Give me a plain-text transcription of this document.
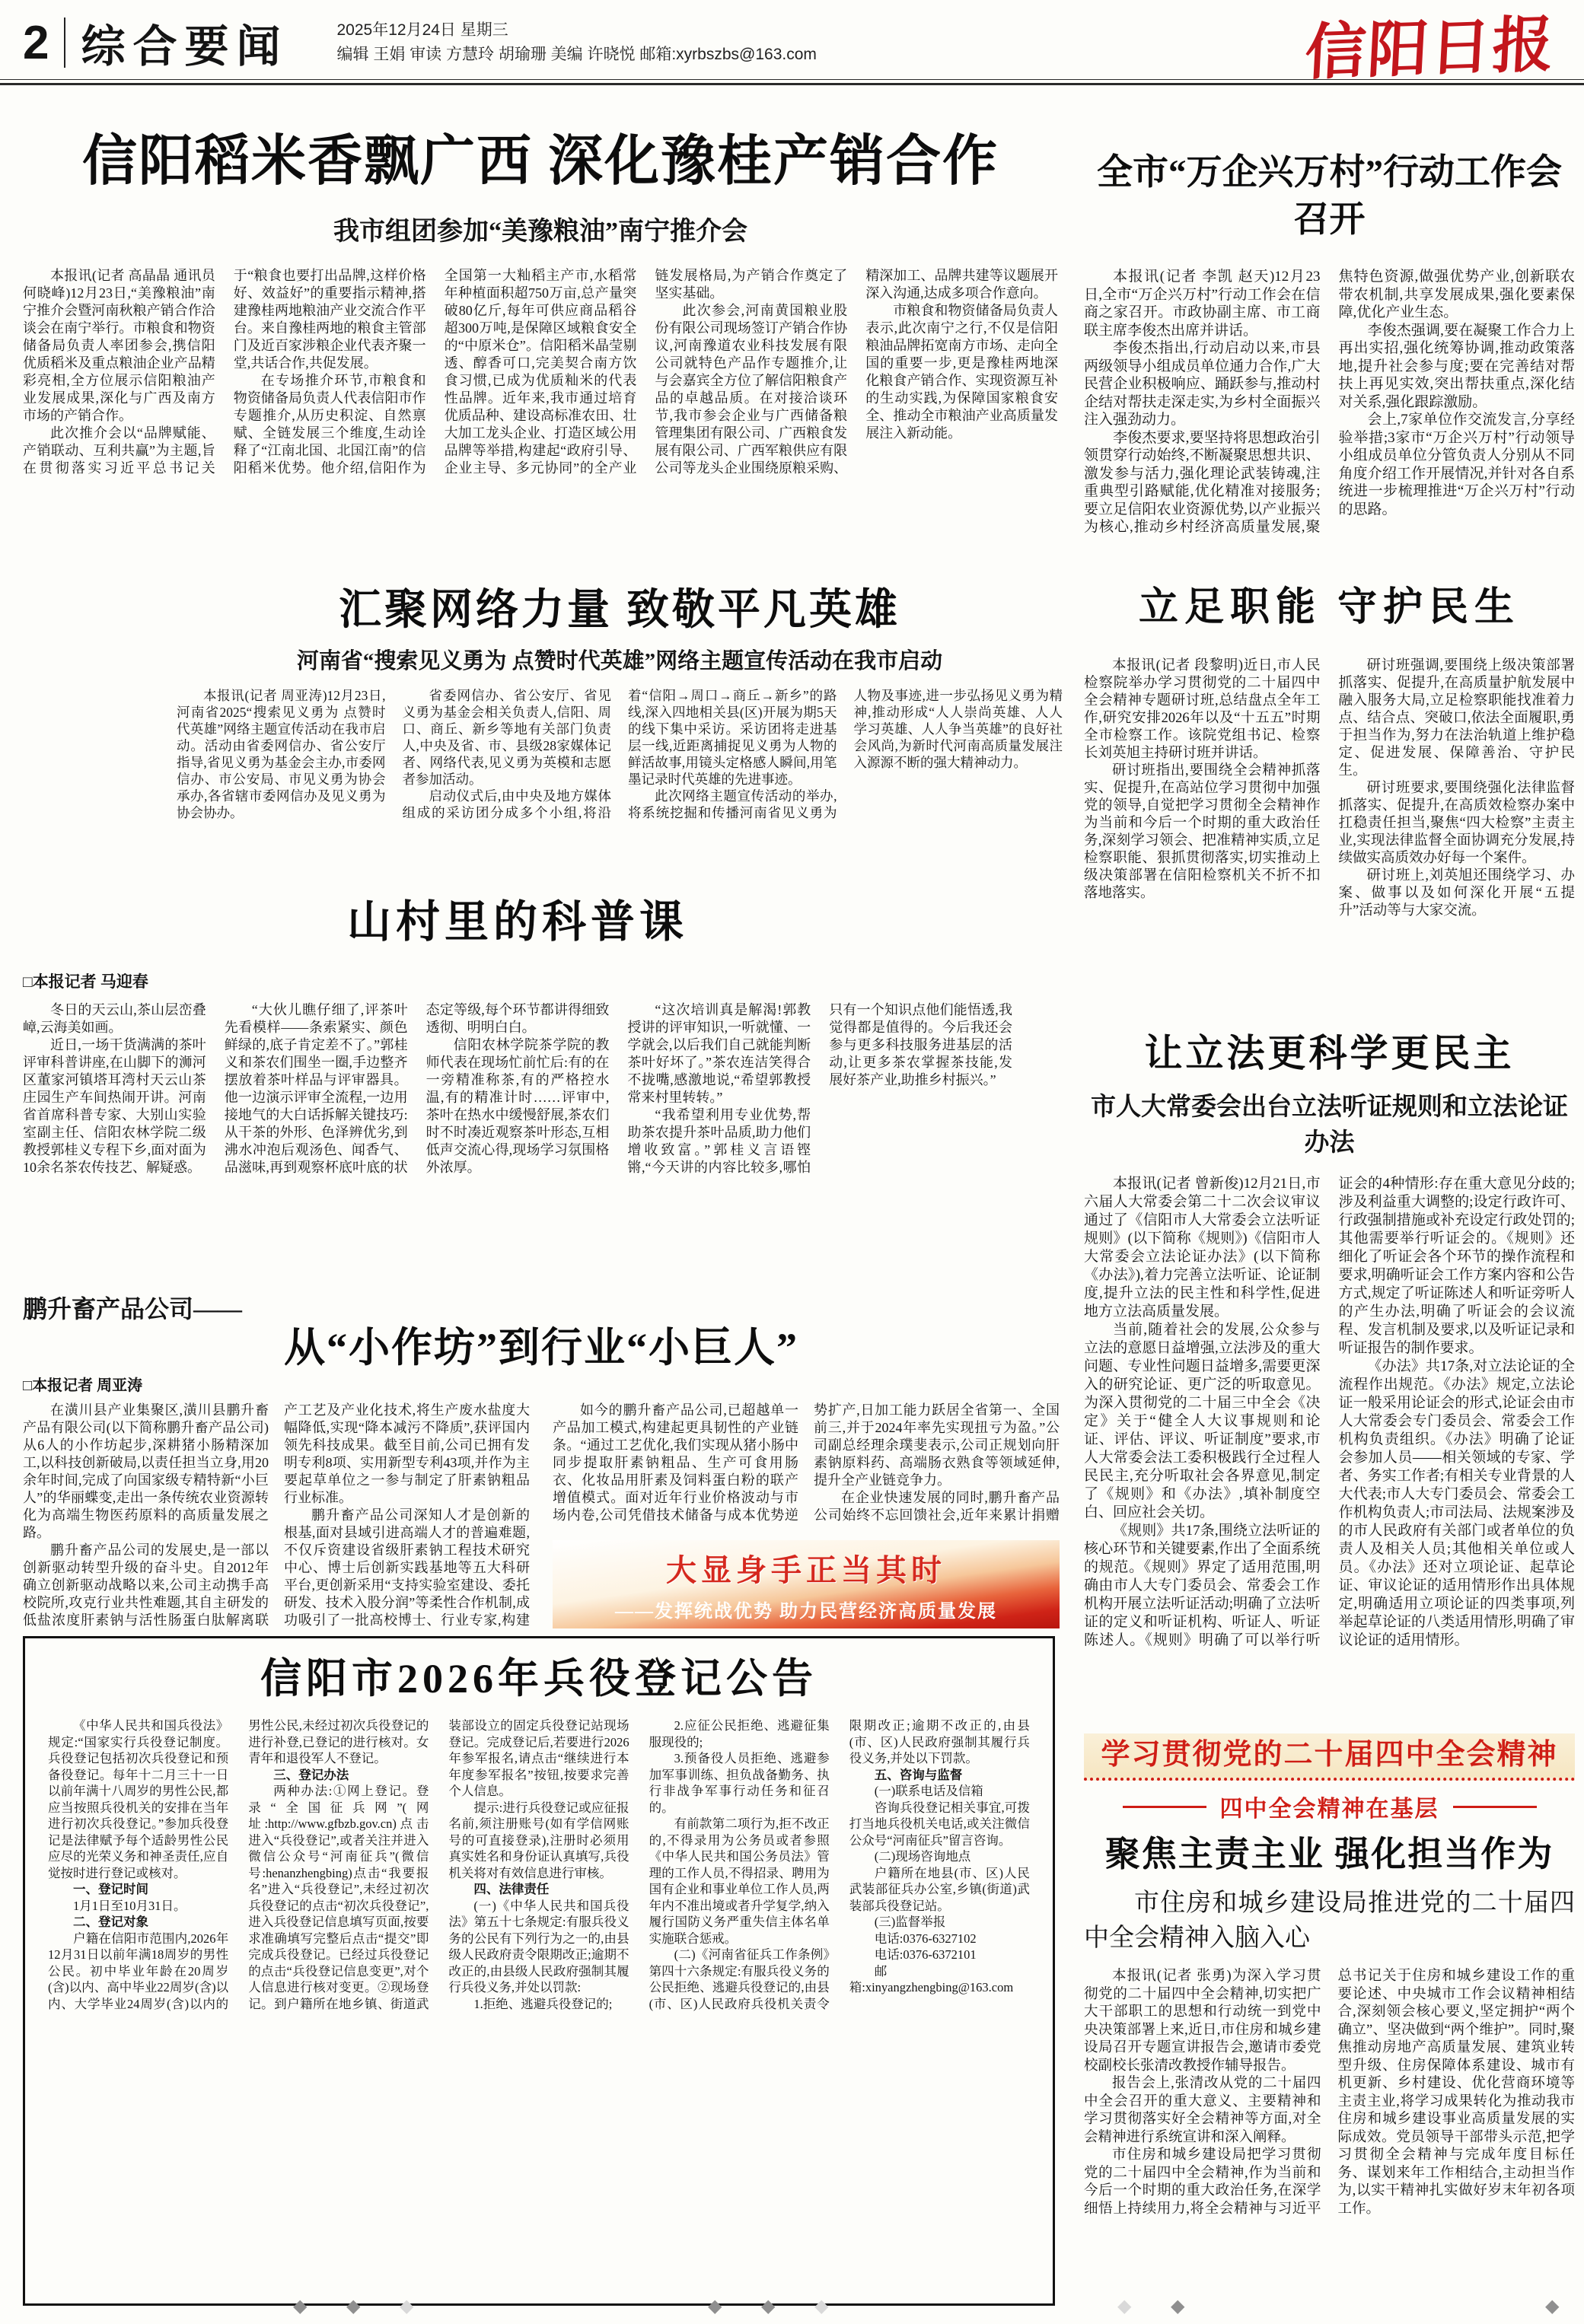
2 综合要闻	2025年12月24日 星期三
编辑 王娟 审读 方慧玲 胡瑜珊 美编 许晓悦 邮箱:xyrbszbs@163.com	信阳日报
信阳稻米香飘广西 深化豫桂产销合作
我市组团参加“美豫粮油”南宁推介会

本报讯(记者 高晶晶 通讯员 何晓峰)12月23日,“美豫粮油”南宁推介会暨河南秋粮产销合作洽谈会在南宁举行。市粮食和物资储备局负责人率团参会,携信阳优质稻米及重点粮油企业产品精彩亮相,全方位展示信阳粮油产业发展成果,深化与广西及南方市场的产销合作。

此次推介会以“品牌赋能、产销联动、互利共赢”为主题,旨在贯彻落实习近平总书记关于“粮食也要打出品牌,这样价格好、效益好”的重要指示精神,搭建豫桂两地粮油产业交流合作平台。来自豫桂两地的粮食主管部门及近百家涉粮企业代表齐聚一堂,共话合作,共促发展。

在专场推介环节,市粮食和物资储备局负责人代表信阳市作专题推介,从历史积淀、自然禀赋、全链发展三个维度,生动诠释了“江南北国、北国江南”的信阳稻米优势。他介绍,信阳作为全国第一大籼稻主产市,水稻常年种植面积超750万亩,总产量突破80亿斤,每年可供应商品稻谷超300万吨,是保障区域粮食安全的“中原米仓”。信阳稻米晶莹剔透、醇香可口,完美契合南方饮食习惯,已成为优质籼米的代表性品牌。近年来,我市通过培育优质品种、建设高标准农田、壮大加工龙头企业、打造区域公用品牌等举措,构建起“政府引导、企业主导、多元协同”的全产业链发展格局,为产销合作奠定了坚实基础。

此次参会,河南黄国粮业股份有限公司现场签订产销合作协议,河南豫道农业科技发展有限公司就特色产品作专题推介,让与会嘉宾全方位了解信阳粮食产品的卓越品质。在对接洽谈环节,我市参会企业与广西储备粮管理集团有限公司、广西粮食发展有限公司、广西军粮供应有限公司等龙头企业围绕原粮采购、精深加工、品牌共建等议题展开深入沟通,达成多项合作意向。

市粮食和物资储备局负责人表示,此次南宁之行,不仅是信阳粮油品牌拓宽南方市场、走向全国的重要一步,更是豫桂两地深化粮食产销合作、实现资源互补的生动实践,为保障国家粮食安全、推动全市粮油产业高质量发展注入新动能。

全市“万企兴万村”行动工作会召开

本报讯(记者 李凯 赵天)12月23日,全市“万企兴万村”行动工作会在信商之家召开。市政协副主席、市工商联主席李俊杰出席并讲话。

李俊杰指出,行动启动以来,市县两级领导小组成员单位通力合作,广大民营企业积极响应、踊跃参与,推动村企结对帮扶走深走实,为乡村全面振兴注入强劲动力。

李俊杰要求,要坚持将思想政治引领贯穿行动始终,不断凝聚思想共识、激发参与活力,强化理论武装铸魂,注重典型引路赋能,优化精准对接服务;要立足信阳农业资源优势,以产业振兴为核心,推动乡村经济高质量发展,聚焦特色资源,做强优势产业,创新联农带农机制,共享发展成果,强化要素保障,优化产业生态。

李俊杰强调,要在凝聚工作合力上再出实招,强化统筹协调,推动政策落地,提升社会参与度;要在完善结对帮扶上再见实效,突出帮扶重点,深化结对关系,强化跟踪激励。

会上,7家单位作交流发言,分享经验举措;3家市“万企兴万村”行动领导小组成员单位分管负责人分别从不同角度介绍工作开展情况,并针对各自系统进一步梳理推进“万企兴万村”行动的思路。

汇聚网络力量 致敬平凡英雄
河南省“搜索见义勇为 点赞时代英雄”网络主题宣传活动在我市启动

本报讯(记者 周亚涛)12月23日,河南省2025“搜索见义勇为 点赞时代英雄”网络主题宣传活动在我市启动。活动由省委网信办、省公安厅指导,省见义勇为基金会主办,市委网信办、市公安局、市见义勇为协会承办,各省辖市委网信办及见义勇为协会协办。

省委网信办、省公安厅、省见义勇为基金会相关负责人,信阳、周口、商丘、新乡等地有关部门负责人,中央及省、市、县级28家媒体记者、网络代表,见义勇为英模和志愿者参加活动。

启动仪式后,由中央及地方媒体组成的采访团分成多个小组,将沿着“信阳→周口→商丘→新乡”的路线,深入四地相关县(区)开展为期5天的线下集中采访。采访团将走进基层一线,近距离捕捉见义勇为人物的鲜活故事,用镜头定格感人瞬间,用笔墨记录时代英雄的先进事迹。

此次网络主题宣传活动的举办,将系统挖掘和传播河南省见义勇为人物及事迹,进一步弘扬见义勇为精神,推动形成“人人崇尚英雄、人人学习英雄、人人争当英雄”的良好社会风尚,为新时代河南高质量发展注入源源不断的强大精神动力。

立足职能 守护民生

本报讯(记者 段黎明)近日,市人民检察院举办学习贯彻党的二十届四中全会精神专题研讨班,总结盘点全年工作,研究安排2026年以及“十五五”时期全市检察工作。该院党组书记、检察长刘英旭主持研讨班并讲话。

研讨班指出,要围绕全会精神抓落实、促提升,在高站位学习贯彻中加强党的领导,自觉把学习贯彻全会精神作为当前和今后一个时期的重大政治任务,深刻学习领会、把准精神实质,立足检察职能、狠抓贯彻落实,切实推动上级决策部署在信阳检察机关不折不扣落地落实。

研讨班强调,要围绕上级决策部署抓落实、促提升,在高质量护航发展中融入服务大局,立足检察职能找准着力点、结合点、突破口,依法全面履职,勇于担当作为,努力在法治轨道上维护稳定、促进发展、保障善治、守护民生。

研讨班要求,要围绕强化法律监督抓落实、促提升,在高质效检察办案中扛稳责任担当,聚焦“四大检察”主责主业,实现法律监督全面协调充分发展,持续做实高质效办好每一个案件。

研讨班上,刘英旭还围绕学习、办案、做事以及如何深化开展“五提升”活动等与大家交流。

山村里的科普课
□本报记者 马迎春

冬日的天云山,茶山层峦叠嶂,云海美如画。

近日,一场干货满满的茶叶评审科普讲座,在山脚下的浉河区董家河镇塔耳湾村天云山茶庄园生产车间热闹开讲。河南省首席科普专家、大别山实验室副主任、信阳农林学院二级教授郭桂义专程下乡,面对面为10余名茶农传技艺、解疑惑。

“大伙儿瞧仔细了,评茶叶先看模样——条索紧实、颜色鲜绿的,底子肯定差不了。”郭桂义和茶农们围坐一圈,手边整齐摆放着茶叶样品与评审器具。他一边演示评审全流程,一边用接地气的大白话拆解关键技巧:从干茶的外形、色泽辨优劣,到沸水冲泡后观汤色、闻香气、品滋味,再到观察杯底叶底的状态定等级,每个环节都讲得细致透彻、明明白白。

信阳农林学院茶学院的教师代表在现场忙前忙后:有的在一旁精准称茶,有的严格控水温,有的精准计时……评审中,茶叶在热水中缓慢舒展,茶农们时不时凑近观察茶叶形态,互相低声交流心得,现场学习氛围格外浓厚。

“这次培训真是解渴!郭教授讲的评审知识,一听就懂、一学就会,以后我们自己就能判断茶叶好坏了。”茶农连洁笑得合不拢嘴,感激地说,“希望郭教授常来村里转转。”

“我希望利用专业优势,帮助茶农提升茶叶品质,助力他们增收致富。”郭桂义言语铿锵,“今天讲的内容比较多,哪怕只有一个知识点他们能悟透,我觉得都是值得的。今后我还会参与更多科技服务进基层的活动,让更多茶农掌握茶技能,发展好茶产业,助推乡村振兴。”

鹏升畜产品公司——
从“小作坊”到行业“小巨人”
□本报记者 周亚涛

在潢川县产业集聚区,潢川县鹏升畜产品有限公司(以下简称鹏升畜产品公司)从6人的小作坊起步,深耕猪小肠精深加工,以科技创新破局,以责任担当立身,用20余年时间,完成了向国家级专精特新“小巨人”的华丽蝶变,走出一条传统农业资源转化为高端生物医药原料的高质量发展之路。

鹏升畜产品公司的发展史,是一部以创新驱动转型升级的奋斗史。自2012年确立创新驱动战略以来,公司主动携手高校院所,攻克行业共性难题,其自主研发的低盐浓度肝素钠与活性肠蛋白肽解离联产工艺及产业化技术,将生产废水盐度大幅降低,实现“降本减污不降质”,获评国内领先科技成果。截至目前,公司已拥有发明专利8项、实用新型专利43项,并作为主要起草单位之一参与制定了肝素钠粗品行业标准。

鹏升畜产品公司深知人才是创新的根基,面对县域引进高端人才的普遍难题,不仅斥资建设省级肝素钠工程技术研究中心、博士后创新实践基地等五大科研平台,更创新采用“支持实验室建设、委托研发、技术入股分润”等柔性合作机制,成功吸引了一批高校博士、行业专家,构建

如今的鹏升畜产品公司,已超越单一产品加工模式,构建起更具韧性的产业链条。“通过工艺优化,我们实现从猪小肠中同步提取肝素钠粗品、生产可食用肠衣、化妆品用肝素及饲料蛋白粉的联产增值模式。面对近年行业价格波动与市场内卷,公司凭借技术储备与成本优势逆势扩产,日加工能力跃居全省第一、全国前三,并于2024年率先实现扭亏为盈。”公司副总经理余璞斐表示,公司正规划向肝素钠原料药、高端肠衣熟食等领域延伸,提升全产业链竞争力。

在企业快速发展的同时,鹏升畜产品公司始终不忘回馈社会,近年来累计捐赠

大显身手正当其时
——发挥统战优势 助力民营经济高质量发展
让立法更科学更民主
市人大常委会出台立法听证规则和立法论证办法

本报讯(记者 曾新俊)12月21日,市六届人大常委会第二十二次会议审议通过了《信阳市人大常委会立法听证规则》(以下简称《规则》)《信阳市人大常委会立法论证办法》(以下简称《办法》),着力完善立法听证、论证制度,提升立法的民主性和科学性,促进地方立法高质量发展。

当前,随着社会的发展,公众参与立法的意愿日益增强,立法涉及的重大问题、专业性问题日益增多,需要更深入的研究论证、更广泛的听取意见。为深入贯彻党的二十届三中全会《决定》关于“健全人大议事规则和论证、评估、评议、听证制度”要求,市人大常委会法工委积极践行全过程人民民主,充分听取社会各界意见,制定了《规则》和《办法》,填补制度空白、回应社会关切。

《规则》共17条,围绕立法听证的核心环节和关键要素,作出了全面系统的规范。《规则》界定了适用范围,明确由市人大专门委员会、常委会工作机构开展立法听证活动;明确了立法听证的定义和听证机构、听证人、听证陈述人。《规则》明确了可以举行听证会的4种情形:存在重大意见分歧的;涉及利益重大调整的;设定行政许可、行政强制措施或补充设定行政处罚的;其他需要举行听证会的。《规则》还细化了听证会各个环节的操作流程和要求,明确听证会工作方案内容和公告方式,规定了听证陈述人和听证旁听人的产生办法,明确了听证会的会议流程、发言机制及要求,以及听证记录和听证报告的制作要求。

《办法》共17条,对立法论证的全流程作出规范。《办法》规定,立法论证一般采用论证会的形式,论证会由市人大常委会专门委员会、常委会工作机构负责组织。《办法》明确了论证会参加人员——相关领域的专家、学者、务实工作者;有相关专业背景的人大代表;市人大专门委员会、常委会工作机构负责人;市司法局、法规案涉及的市人民政府有关部门或者单位的负责人及相关人员;其他相关单位或人员。《办法》还对立项论证、起草论证、审议论证的适用情形作出具体规定,明确适用立项论证的四类事项,列举起草论证的八类适用情形,明确了审议论证的适用情形。

信阳市2026年兵役登记公告

《中华人民共和国兵役法》规定:“国家实行兵役登记制度。兵役登记包括初次兵役登记和预备役登记。每年十二月三十一日以前年满十八周岁的男性公民,都应当按照兵役机关的安排在当年进行初次兵役登记。”参加兵役登记是法律赋予每个适龄男性公民应尽的光荣义务和神圣责任,应自觉按时进行登记或核对。

一、登记时间

1月1日至10月31日。

二、登记对象

户籍在信阳市范围内,2026年12月31日以前年满18周岁的男性公民。初中毕业年龄在20周岁(含)以内、高中毕业22周岁(含)以内、大学毕业24周岁(含)以内的男性公民,未经过初次兵役登记的进行补登,已登记的进行核对。女青年和退役军人不登记。

三、登记办法

两种办法:①网上登记。登录“全国征兵网”(网址:http://www.gfbzb.gov.cn)点击进入“兵役登记”,或者关注并进入微信公众号“河南征兵”(微信号:henanzhengbing)点击“我要报名”进入“兵役登记”,未经过初次兵役登记的点击“初次兵役登记”,进入兵役登记信息填写页面,按要求准确填写完整后点击“提交”即完成兵役登记。已经过兵役登记的点击“兵役登记信息变更”,对个人信息进行核对变更。②现场登记。到户籍所在地乡镇、街道武装部设立的固定兵役登记站现场登记。完成登记后,若要进行2026年参军报名,请点击“继续进行本年度参军报名”按钮,按要求完善个人信息。

提示:进行兵役登记或应征报名前,须注册账号(如有学信网账号的可直接登录),注册时必须用真实姓名和身份证认真填写,兵役机关将对有效信息进行审核。

四、法律责任

(一)《中华人民共和国兵役法》第五十七条规定:有服兵役义务的公民有下列行为之一的,由县级人民政府责令限期改正;逾期不改正的,由县级人民政府强制其履行兵役义务,并处以罚款:

1.拒绝、逃避兵役登记的;

2.应征公民拒绝、逃避征集服现役的;

3.预备役人员拒绝、逃避参加军事训练、担负战备勤务、执行非战争军事行动任务和征召的。

有前款第二项行为,拒不改正的,不得录用为公务员或者参照《中华人民共和国公务员法》管理的工作人员,不得招录、聘用为国有企业和事业单位工作人员,两年内不准出境或者升学复学,纳入履行国防义务严重失信主体名单实施联合惩戒。

(二)《河南省征兵工作条例》第四十六条规定:有服兵役义务的公民拒绝、逃避兵役登记的,由县(市、区)人民政府兵役机关责令限期改正;逾期不改正的,由县(市、区)人民政府强制其履行兵役义务,并处以下罚款。

五、咨询与监督

(一)联系电话及信箱

咨询兵役登记相关事宜,可拨打当地兵役机关电话,或关注微信公众号“河南征兵”留言咨询。

(二)现场咨询地点

户籍所在地县(市、区)人民武装部征兵办公室,乡镇(街道)武装部兵役登记站。

(三)监督举报

电话:0376-6327102

电话:0376-6372101

邮箱:xinyangzhengbing@163.com

学习贯彻党的二十届四中全会精神
四中全会精神在基层
聚焦主责主业 强化担当作为
市住房和城乡建设局推进党的二十届四中全会精神入脑入心

本报讯(记者 张勇)为深入学习贯彻党的二十届四中全会精神,切实把广大干部职工的思想和行动统一到党中央决策部署上来,近日,市住房和城乡建设局召开专题宣讲报告会,邀请市委党校副校长张清改教授作辅导报告。

报告会上,张清改从党的二十届四中全会召开的重大意义、主要精神和学习贯彻落实好全会精神等方面,对全会精神进行系统宣讲和深入阐释。

市住房和城乡建设局把学习贯彻党的二十届四中全会精神,作为当前和今后一个时期的重大政治任务,在深学细悟上持续用力,将全会精神与习近平总书记关于住房和城乡建设工作的重要论述、中央城市工作会议精神相结合,深刻领会核心要义,坚定拥护“两个确立”、坚决做到“两个维护”。同时,聚焦推动房地产高质量发展、建筑业转型升级、住房保障体系建设、城市有机更新、乡村建设、优化营商环境等主责主业,将学习成果转化为推动我市住房和城乡建设事业高质量发展的实际成效。党员领导干部带头示范,把学习贯彻全会精神与完成年度目标任务、谋划来年工作相结合,主动担当作为,以实干精神扎实做好岁末年初各项工作。

◆ ◆ ◆	◆ ◆ ◆	◆ ◆	◆
